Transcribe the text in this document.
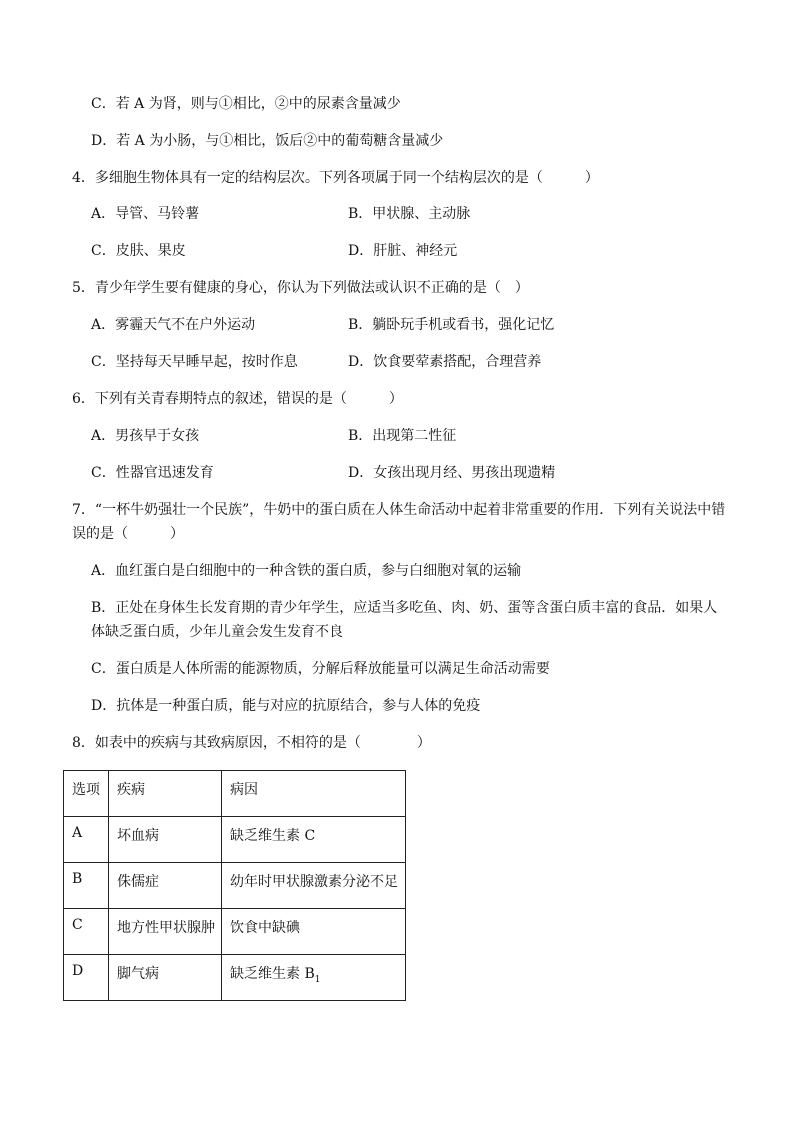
C．若 A 为肾，则与①相比，②中的尿素含量减少
D．若 A 为小肠，与①相比，饭后②中的葡萄糖含量减少
4．多细胞生物体具有一定的结构层次。下列各项属于同一个结构层次的是（　　　）
A．导管、马铃薯	B．甲状腺、主动脉
C．皮肤、果皮	D．肝脏、神经元
5．青少年学生要有健康的身心，你认为下列做法或认识不正确的是（　）
A．雾霾天气不在户外运动	B．躺卧玩手机或看书，强化记忆
C．坚持每天早睡早起，按时作息	D．饮食要荤素搭配，合理营养
6．下列有关青春期特点的叙述，错误的是（　　　）
A．男孩早于女孩	B．出现第二性征
C．性器官迅速发育	D．女孩出现月经、男孩出现遗精
7．“一杯牛奶强壮一个民族”，牛奶中的蛋白质在人体生命活动中起着非常重要的作用．下列有关说法中错
误的是（　　　）
A．血红蛋白是白细胞中的一种含铁的蛋白质，参与白细胞对氧的运输
B．正处在身体生长发育期的青少年学生，应适当多吃鱼、肉、奶、蛋等含蛋白质丰富的食品．如果人
体缺乏蛋白质，少年儿童会发生发育不良
C．蛋白质是人体所需的能源物质，分解后释放能量可以满足生命活动需要
D．抗体是一种蛋白质，能与对应的抗原结合，参与人体的免疫
8．如表中的疾病与其致病原因，不相符的是（　　　　）
选项	疾病	病因
A	坏血病	缺乏维生素 C
B	侏儒症	幼年时甲状腺激素分泌不足
C	地方性甲状腺肿	饮食中缺碘
D	脚气病	缺乏维生素 $B_1$
